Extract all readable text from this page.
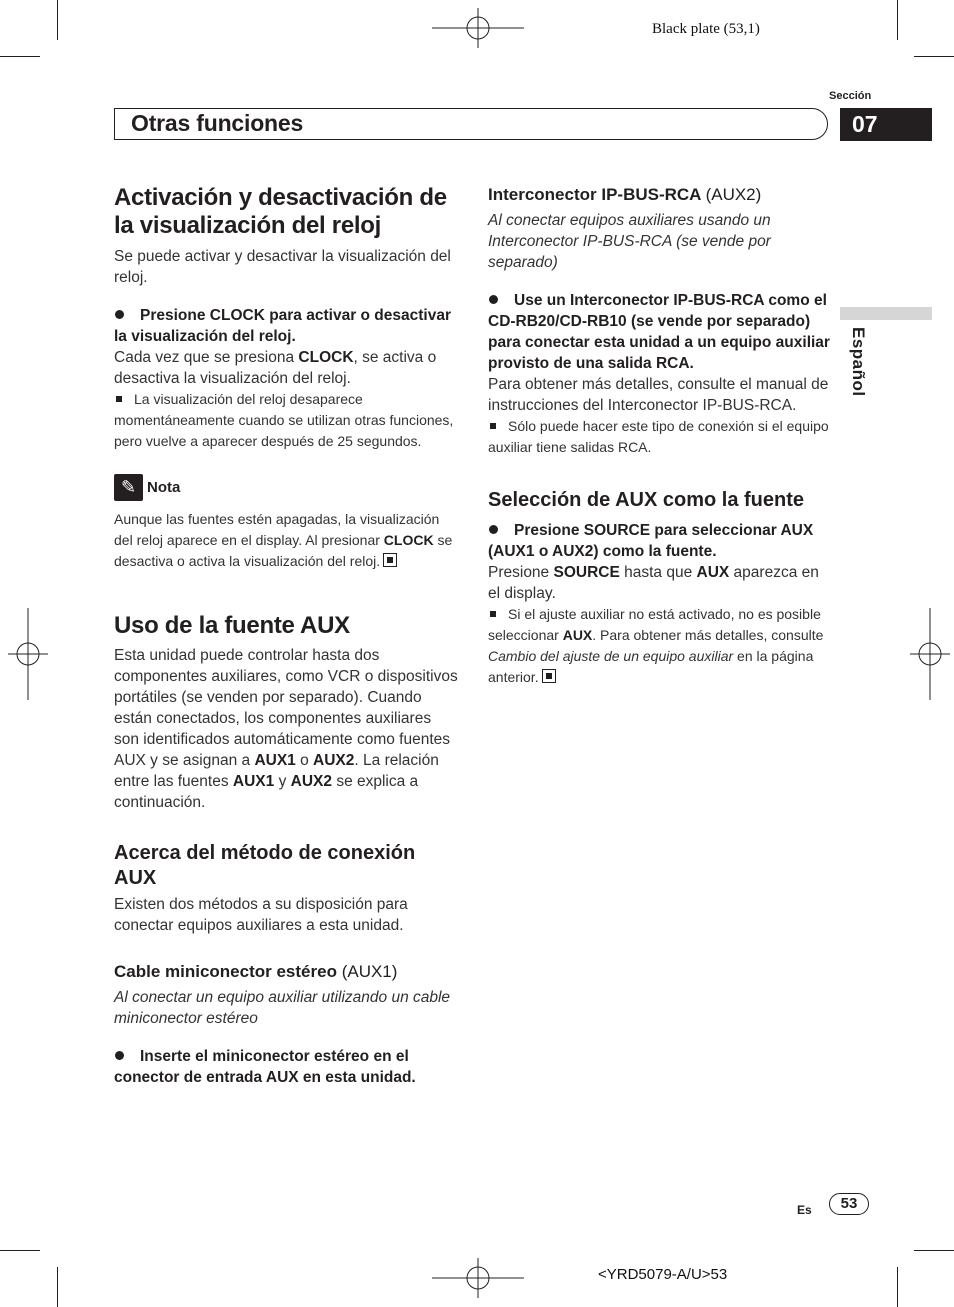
Black plate (53,1)
Sección
Otras funciones	07
Español
Activación y desactivación de la visualización del reloj

Se puede activar y desactivar la visualización del reloj.

Presione CLOCK para activar o desactivar la visualización del reloj.

Cada vez que se presiona CLOCK, se activa o desactiva la visualización del reloj.

La visualización del reloj desaparece momentáneamente cuando se utilizan otras funciones, pero vuelve a aparecer después de 25 segundos.

✎ Nota

Aunque las fuentes estén apagadas, la visualización del reloj aparece en el display. Al presionar CLOCK se desactiva o activa la visualización del reloj.

Uso de la fuente AUX

Esta unidad puede controlar hasta dos componentes auxiliares, como VCR o dispositivos portátiles (se venden por separado). Cuando están conectados, los componentes auxiliares son identificados automáticamente como fuentes AUX y se asignan a AUX1 o AUX2. La relación entre las fuentes AUX1 y AUX2 se explica a continuación.

Acerca del método de conexión AUX

Existen dos métodos a su disposición para conectar equipos auxiliares a esta unidad.

Cable miniconector estéreo (AUX1)

Al conectar un equipo auxiliar utilizando un cable miniconector estéreo

Inserte el miniconector estéreo en el conector de entrada AUX en esta unidad.

Interconector IP-BUS-RCA (AUX2)

Al conectar equipos auxiliares usando un Interconector IP-BUS-RCA (se vende por separado)

Use un Interconector IP-BUS-RCA como el CD-RB20/CD-RB10 (se vende por separado) para conectar esta unidad a un equipo auxiliar provisto de una salida RCA.

Para obtener más detalles, consulte el manual de instrucciones del Interconector IP-BUS-RCA.

Sólo puede hacer este tipo de conexión si el equipo auxiliar tiene salidas RCA.

Selección de AUX como la fuente

Presione SOURCE para seleccionar AUX (AUX1 o AUX2) como la fuente.

Presione SOURCE hasta que AUX aparezca en el display.

Si el ajuste auxiliar no está activado, no es posible seleccionar AUX. Para obtener más detalles, consulte Cambio del ajuste de un equipo auxiliar en la página anterior.

Es	53
<YRD5079-A/U>53
